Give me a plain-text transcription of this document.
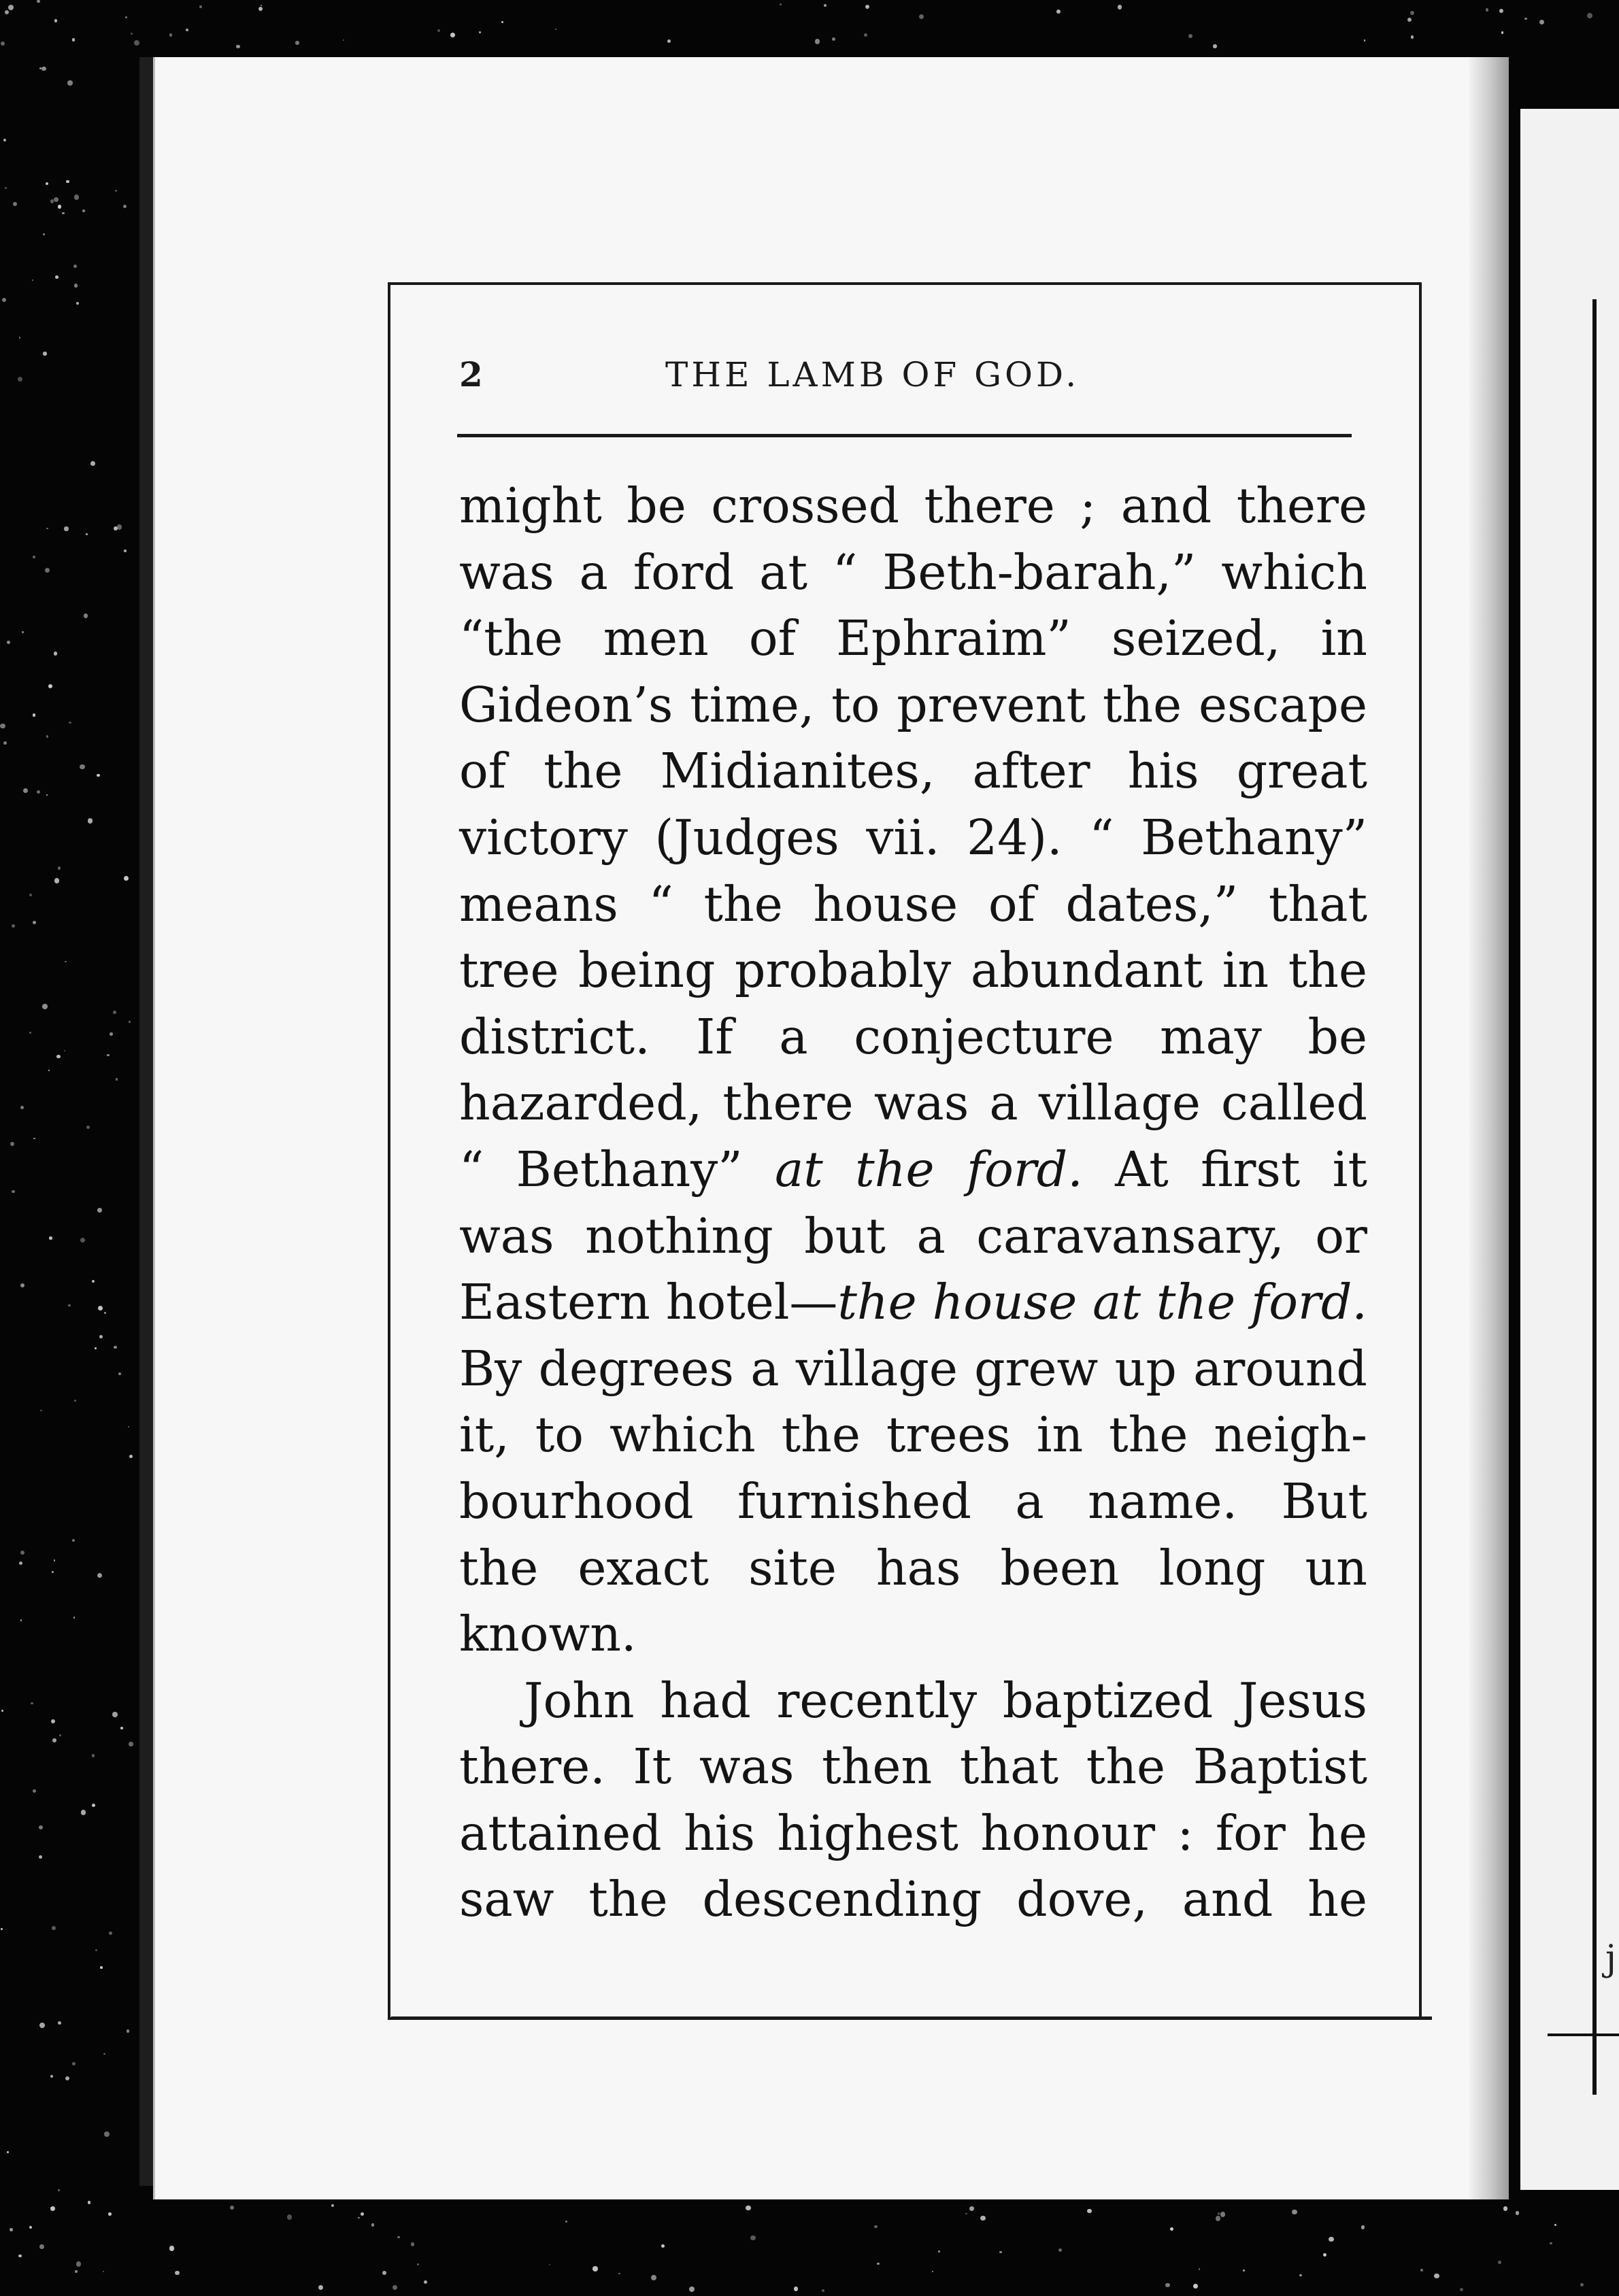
j
2	THE LAMB OF GOD.
might be crossed there ; and there
was a ford at “ Beth-barah,” which
“the men of Ephraim” seized, in
Gideon’s time, to prevent the escape
of the Midianites, after his great
victory (Judges vii. 24). “ Bethany”
means “ the house of dates,” that
tree being probably abundant in the
district. If a conjecture may be
hazarded, there was a village called
“ Bethany” at the ford. At first it
was nothing but a caravansary, or
Eastern hotel—the house at the ford.
By degrees a village grew up around
it, to which the trees in the neigh-
bourhood furnished a name. But
the exact site has been long un
known.
John had recently baptized Jesus
there. It was then that the Baptist
attained his highest honour : for he
saw the descending dove, and he
